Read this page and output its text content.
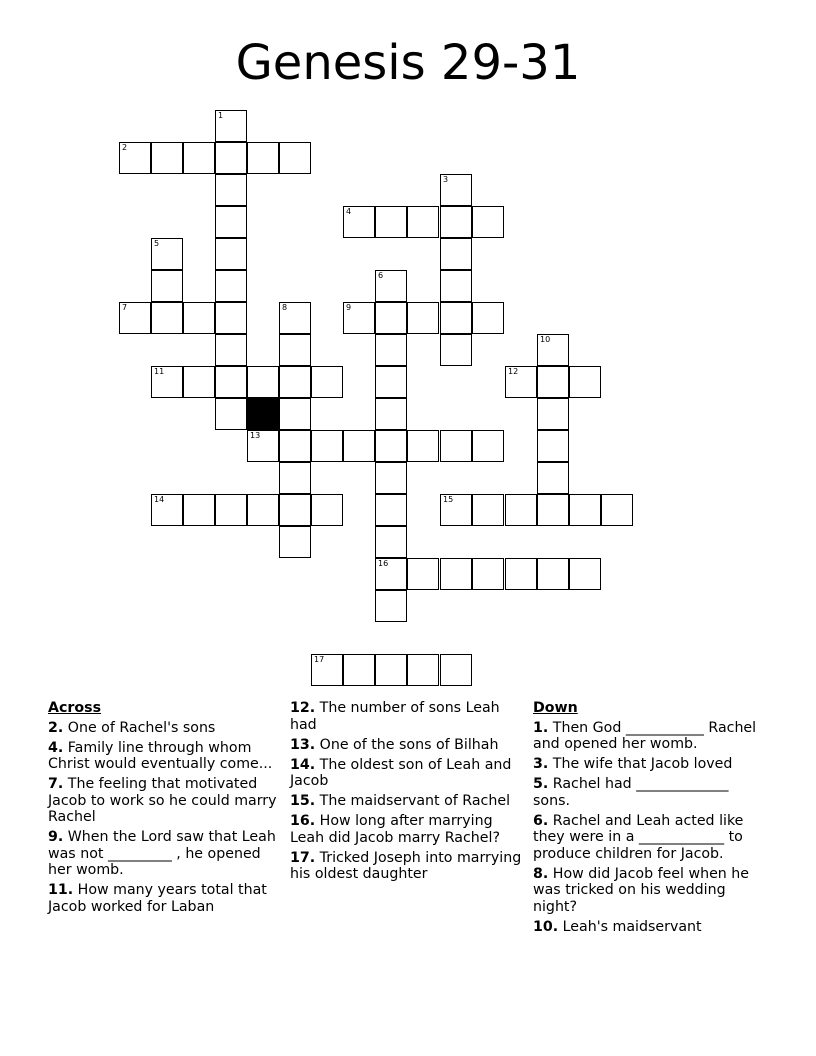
Genesis 29-31
1
2
3
4
5
6
7	8	9
10
11	12
13
14	15
16
17
Across
2. One of Rachel's sons
4. Family line through whom Christ would eventually come...
7. The feeling that motivated Jacob to work so he could marry Rachel
9. When the Lord saw that Leah was not _________ , he opened her womb.
11. How many years total that Jacob worked for Laban
12. The number of sons Leah had
13. One of the sons of Bilhah
14. The oldest son of Leah and Jacob
15. The maidservant of Rachel
16. How long after marrying Leah did Jacob marry Rachel?
17. Tricked Joseph into marrying his oldest daughter
Down
1. Then God ___________ Rachel and opened her womb.
3. The wife that Jacob loved
5. Rachel had _____________ sons.
6. Rachel and Leah acted like they were in a ____________ to produce children for Jacob.
8. How did Jacob feel when he was tricked on his wedding night?
10. Leah's maidservant
